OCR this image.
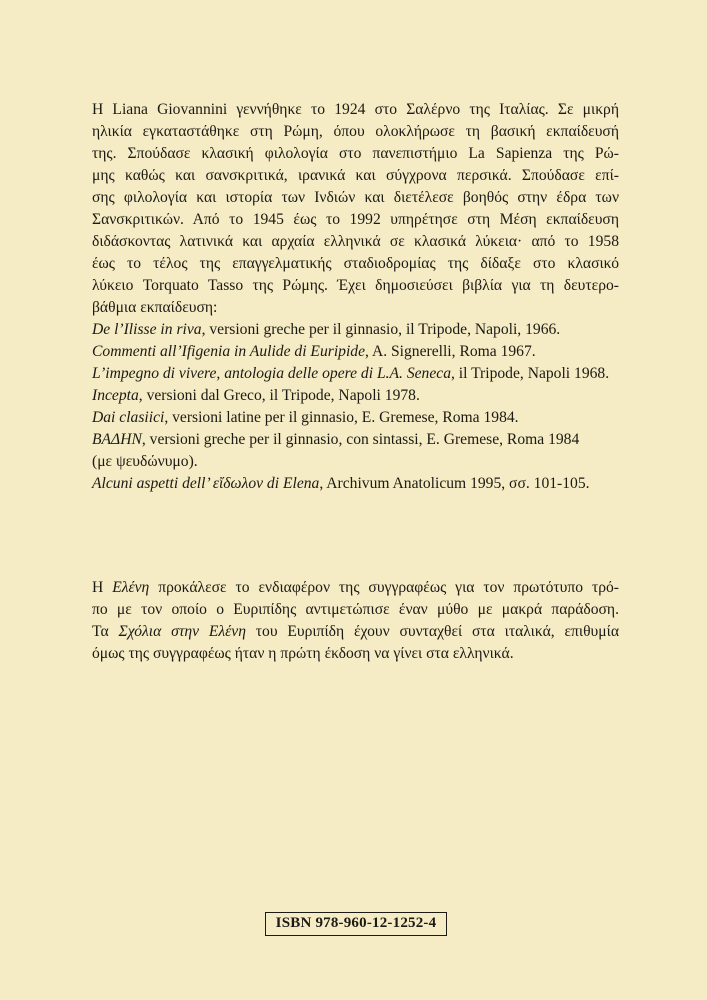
Η Liana Giovannini γεννήθηκε το 1924 στο Σαλέρνο της Ιταλίας. Σε μικρή
ηλικία εγκαταστάθηκε στη Ρώμη, όπου ολοκλήρωσε τη βασική εκπαίδευσή
της. Σπούδασε κλασική φιλολογία στο πανεπιστήμιο La Sapienza της Ρώ-
μης καθώς και σανσκριτικά, ιρανικά και σύγχρονα περσικά. Σπούδασε επί-
σης φιλολογία και ιστορία των Ινδιών και διετέλεσε βοηθός στην έδρα των
Σανσκριτικών. Από το 1945 έως το 1992 υπηρέτησε στη Μέση εκπαίδευση
διδάσκοντας λατινικά και αρχαία ελληνικά σε κλασικά λύκεια· από το 1958
έως το τέλος της επαγγελματικής σταδιοδρομίας της δίδαξε στο κλασικό
λύκειο Torquato Tasso της Ρώμης. Έχει δημοσιεύσει βιβλία για τη δευτερο-
βάθμια εκπαίδευση:

De l’Ilisse in riva, versioni greche per il ginnasio, il Tripode, Napoli, 1966.
Commenti all’Ifigenia in Aulide di Euripide, A. Signerelli, Roma 1967.
L’impegno di vivere, antologia delle opere di L.A. Seneca, il Tripode, Napoli 1968.
Incepta, versioni dal Greco, il Tripode, Napoli 1978.
Dai clasiici, versioni latine per il ginnasio, E. Gremese, Roma 1984.
ΒΑΔΗΝ, versioni greche per il ginnasio, con sintassi, E. Gremese, Roma 1984
(με ψευδώνυμο).
Alcuni aspetti dell’ εἴδωλον di Elena, Archivum Anatolicum 1995, σσ. 101-105.
Η Ελένη προκάλεσε το ενδιαφέρον της συγγραφέως για τον πρωτότυπο τρό-
πο με τον οποίο ο Ευριπίδης αντιμετώπισε έναν μύθο με μακρά παράδοση.
Τα Σχόλια στην Ελένη του Ευριπίδη έχουν συνταχθεί στα ιταλικά, επιθυμία
όμως της συγγραφέως ήταν η πρώτη έκδοση να γίνει στα ελληνικά.
ISBN 978-960-12-1252-4
